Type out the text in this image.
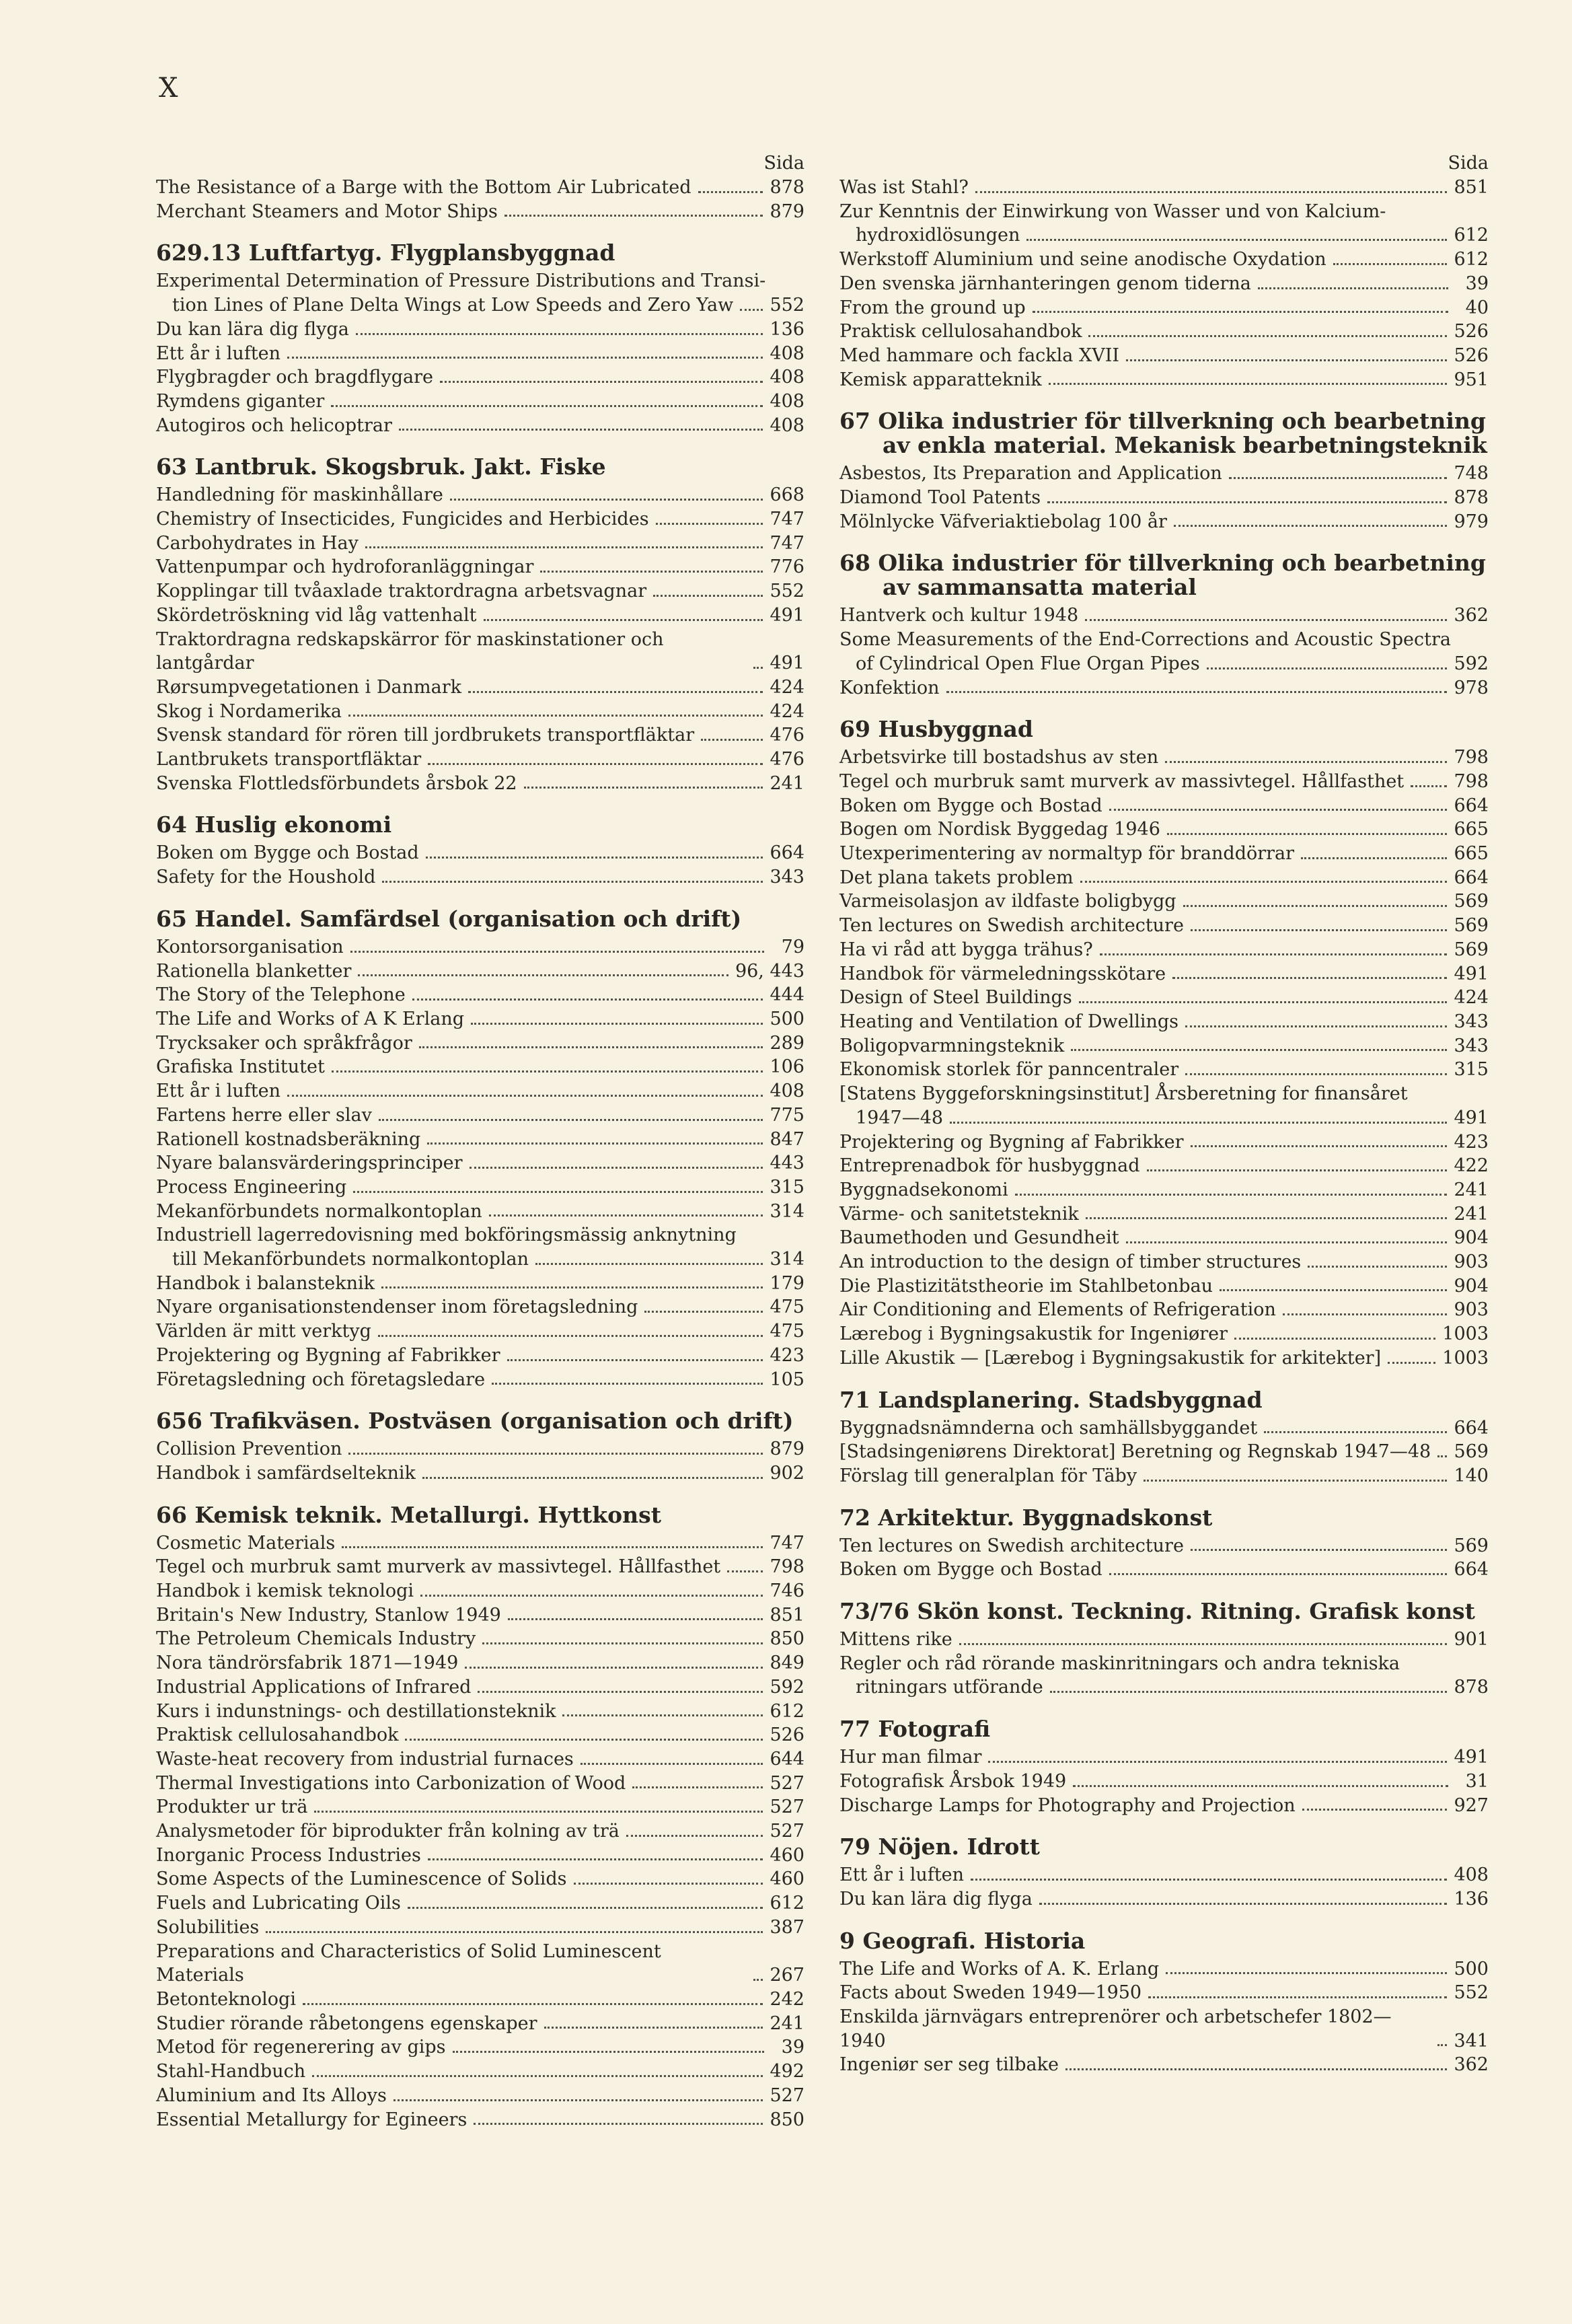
X
Sida
The Resistance of a Barge with the Bottom Air Lubricated	878
Merchant Steamers and Motor Ships	879
629.13 Luftfartyg. Flygplansbyggnad
Experimental Determination of Pressure Distributions and Transi-
tion Lines of Plane Delta Wings at Low Speeds and Zero Yaw 552
Du kan lära dig flyga	136
Ett år i luften	408
Flygbragder och bragdflygare	408
Rymdens giganter	408
Autogiros och helicoptrar	408
63 Lantbruk. Skogsbruk. Jakt. Fiske
Handledning för maskinhållare	668
Chemistry of Insecticides, Fungicides and Herbicides	747
Carbohydrates in Hay	747
Vattenpumpar och hydroforanläggningar	776
Kopplingar till tvåaxlade traktordragna arbetsvagnar	552
Skördetröskning vid låg vattenhalt	491
Traktordragna redskapskärror för maskinstationer och lantgårdar	491
Rørsumpvegetationen i Danmark	424
Skog i Nordamerika	424
Svensk standard för rören till jordbrukets transportfläktar	476
Lantbrukets transportfläktar	476
Svenska Flottledsförbundets årsbok 22	241
64 Huslig ekonomi
Boken om Bygge och Bostad	664
Safety for the Houshold	343
65 Handel. Samfärdsel (organisation och drift)
Kontorsorganisation	79
Rationella blanketter	96, 443
The Story of the Telephone	444
The Life and Works of A K Erlang	500
Trycksaker och språkfrågor	289
Grafiska Institutet	106
Ett år i luften	408
Fartens herre eller slav	775
Rationell kostnadsberäkning	847
Nyare balansvärderingsprinciper	443
Process Engineering	315
Mekanförbundets normalkontoplan	314
Industriell lagerredovisning med bokföringsmässig anknytning
till Mekanförbundets normalkontoplan	314
Handbok i balansteknik	179
Nyare organisationstendenser inom företagsledning	475
Världen är mitt verktyg	475
Projektering og Bygning af Fabrikker	423
Företagsledning och företagsledare	105
656 Trafikväsen. Postväsen (organisation och drift)
Collision Prevention	879
Handbok i samfärdselteknik	902
66 Kemisk teknik. Metallurgi. Hyttkonst
Cosmetic Materials	747
Tegel och murbruk samt murverk av massivtegel. Hållfasthet	798
Handbok i kemisk teknologi	746
Britain's New Industry, Stanlow 1949	851
The Petroleum Chemicals Industry	850
Nora tändrörsfabrik 1871—1949	849
Industrial Applications of Infrared	592
Kurs i indunstnings- och destillationsteknik	612
Praktisk cellulosahandbok	526
Waste-heat recovery from industrial furnaces	644
Thermal Investigations into Carbonization of Wood	527
Produkter ur trä	527
Analysmetoder för biprodukter från kolning av trä	527
Inorganic Process Industries	460
Some Aspects of the Luminescence of Solids	460
Fuels and Lubricating Oils	612
Solubilities	387
Preparations and Characteristics of Solid Luminescent Materials	267
Betonteknologi	242
Studier rörande råbetongens egenskaper	241
Metod för regenerering av gips	39
Stahl-Handbuch	492
Aluminium and Its Alloys	527
Essential Metallurgy for Egineers	850
Sida
Was ist Stahl?	851
Zur Kenntnis der Einwirkung von Wasser und von Kalcium-
hydroxidlösungen	612
Werkstoff Aluminium und seine anodische Oxydation	612
Den svenska järnhanteringen genom tiderna	39
From the ground up	40
Praktisk cellulosahandbok	526
Med hammare och fackla XVII	526
Kemisk apparatteknik	951
67 Olika industrier för tillverkning och bearbetning
av enkla material. Mekanisk bearbetningsteknik
Asbestos, Its Preparation and Application	748
Diamond Tool Patents	878
Mölnlycke Väfveriaktiebolag 100 år	979
68 Olika industrier för tillverkning och bearbetning
av sammansatta material
Hantverk och kultur 1948	362
Some Measurements of the End-Corrections and Acoustic Spectra
of Cylindrical Open Flue Organ Pipes	592
Konfektion	978
69 Husbyggnad
Arbetsvirke till bostadshus av sten	798
Tegel och murbruk samt murverk av massivtegel. Hållfasthet	798
Boken om Bygge och Bostad	664
Bogen om Nordisk Byggedag 1946	665
Utexperimentering av normaltyp för branddörrar	665
Det plana takets problem	664
Varmeisolasjon av ildfaste boligbygg	569
Ten lectures on Swedish architecture	569
Ha vi råd att bygga trähus?	569
Handbok för värmeledningsskötare	491
Design of Steel Buildings	424
Heating and Ventilation of Dwellings	343
Boligopvarmningsteknik	343
Ekonomisk storlek för panncentraler	315
[Statens Byggeforskningsinstitut] Årsberetning for finansåret
1947—48	491
Projektering og Bygning af Fabrikker	423
Entreprenadbok för husbyggnad	422
Byggnadsekonomi	241
Värme- och sanitetsteknik	241
Baumethoden und Gesundheit	904
An introduction to the design of timber structures	903
Die Plastizitätstheorie im Stahlbetonbau	904
Air Conditioning and Elements of Refrigeration	903
Lærebog i Bygningsakustik for Ingeniører	1003
Lille Akustik — [Lærebog i Bygningsakustik for arkitekter]	1003
71 Landsplanering. Stadsbyggnad
Byggnadsnämnderna och samhällsbyggandet	664
[Stadsingeniørens Direktorat] Beretning og Regnskab 1947—48 569
Förslag till generalplan för Täby	140
72 Arkitektur. Byggnadskonst
Ten lectures on Swedish architecture	569
Boken om Bygge och Bostad	664
73/76 Skön konst. Teckning. Ritning. Grafisk konst
Mittens rike	901
Regler och råd rörande maskinritningars och andra tekniska
ritningars utförande	878
77 Fotografi
Hur man filmar	491
Fotografisk Årsbok 1949	31
Discharge Lamps for Photography and Projection	927
79 Nöjen. Idrott
Ett år i luften	408
Du kan lära dig flyga	136
9 Geografi. Historia
The Life and Works of A. K. Erlang	500
Facts about Sweden 1949—1950	552
Enskilda järnvägars entreprenörer och arbetschefer 1802—1940	341
Ingeniør ser seg tilbake	362
